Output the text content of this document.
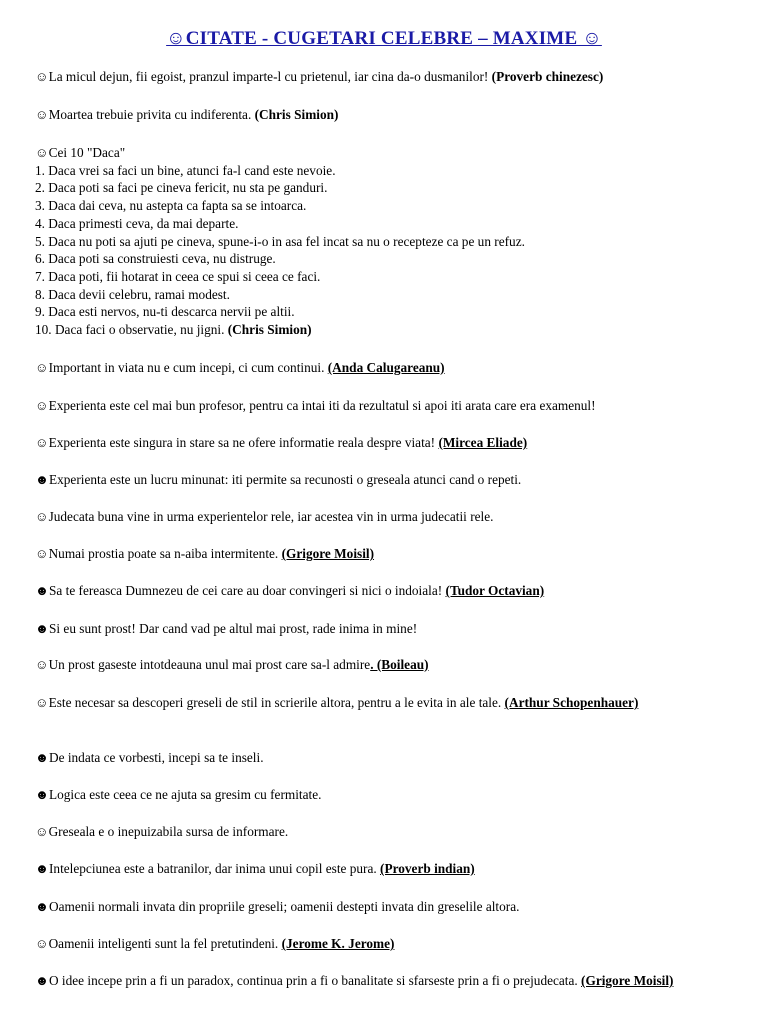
☺CITATE - CUGETARI CELEBRE – MAXIME ☺
☺La micul dejun, fii egoist, pranzul imparte-l cu prietenul, iar cina da-o dusmanilor! (Proverb chinezesc)
☺Moartea trebuie privita cu indiferenta. (Chris Simion)
☺Cei 10 "Daca"
1. Daca vrei sa faci un bine, atunci fa-l cand este nevoie.
2. Daca poti sa faci pe cineva fericit, nu sta pe ganduri.
3. Daca dai ceva, nu astepta ca fapta sa se intoarca.
4. Daca primesti ceva, da mai departe.
5. Daca nu poti sa ajuti pe cineva, spune-i-o in asa fel incat sa nu o recepteze ca pe un refuz.
6. Daca poti sa construiesti ceva, nu distruge.
7. Daca poti, fii hotarat in ceea ce spui si ceea ce faci.
8. Daca devii celebru, ramai modest.
9. Daca esti nervos, nu-ti descarca nervii pe altii.
10. Daca faci o observatie, nu jigni. (Chris Simion)
☺Important in viata nu e cum incepi, ci cum continui. (Anda Calugareanu)
☺Experienta este cel mai bun profesor, pentru ca intai iti da rezultatul si apoi iti arata care era examenul!
☺Experienta este singura in stare sa ne ofere informatie reala despre viata! (Mircea Eliade)
☻Experienta este un lucru minunat: iti permite sa recunosti o greseala atunci cand o repeti.
☺Judecata buna vine in urma experientelor rele, iar acestea vin in urma judecatii rele.
☺Numai prostia poate sa n-aiba intermitente. (Grigore Moisil)
☻Sa te fereasca Dumnezeu de cei care au doar convingeri si nici o indoiala! (Tudor Octavian)
☻Si eu sunt prost! Dar cand vad pe altul mai prost, rade inima in mine!
☺Un prost gaseste intotdeauna unul mai prost care sa-l admire. (Boileau)
☺Este necesar sa descoperi greseli de stil in scrierile altora, pentru a le evita in ale tale. (Arthur Schopenhauer)
☻De indata ce vorbesti, incepi sa te inseli.
☻Logica este ceea ce ne ajuta sa gresim cu fermitate.
☺Greseala e o inepuizabila sursa de informare.
☻Intelepciunea este a batranilor, dar inima unui copil este pura. (Proverb indian)
☻Oamenii normali invata din propriile greseli; oamenii destepti invata din greselile altora.
☺Oamenii inteligenti sunt la fel pretutindeni. (Jerome K. Jerome)
☻O idee incepe prin a fi un paradox, continua prin a fi o banalitate si sfarseste prin a fi o prejudecata. (Grigore Moisil)
